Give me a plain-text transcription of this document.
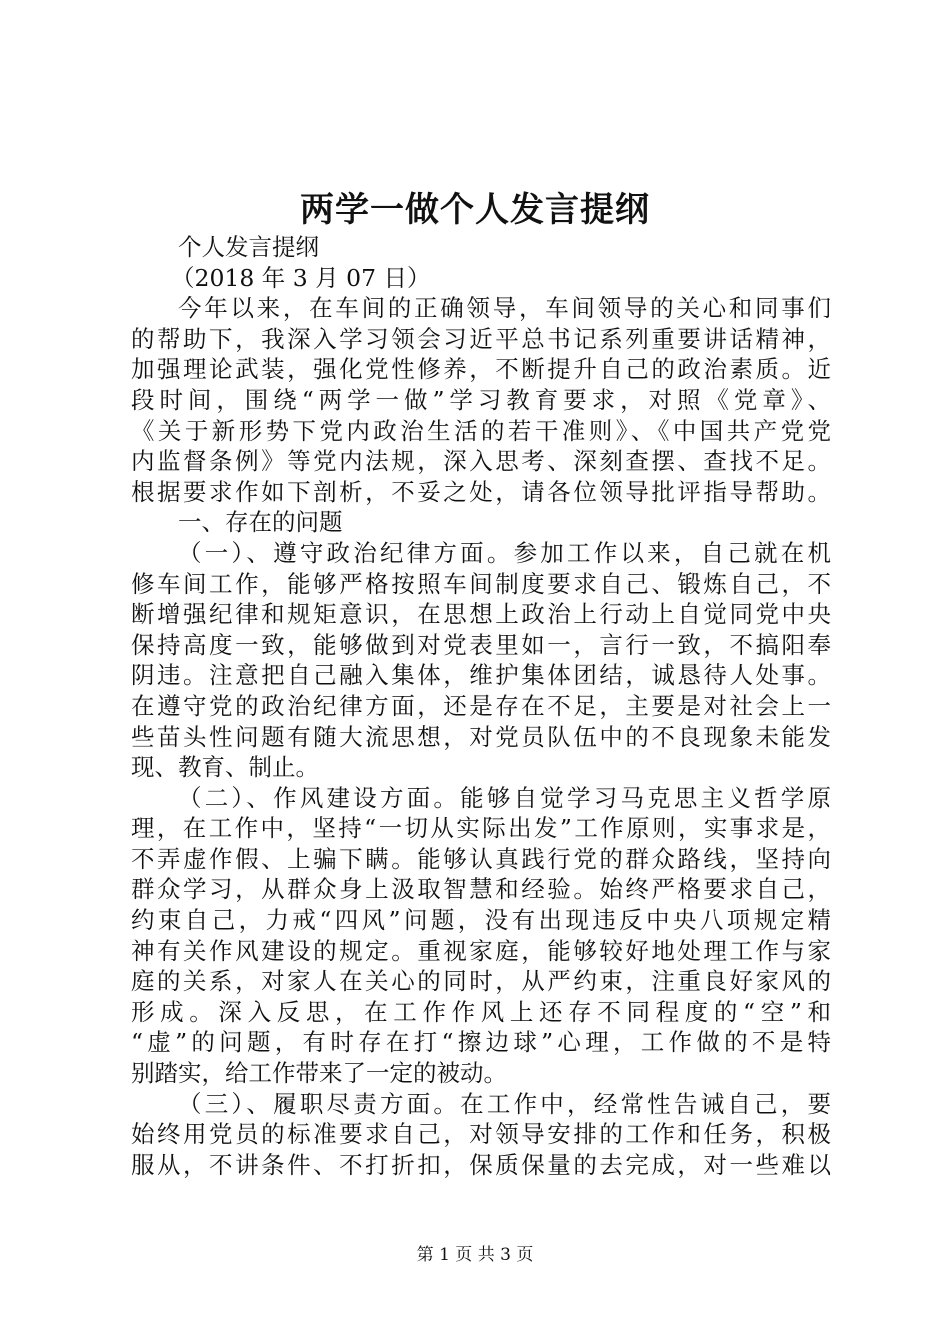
两学一做个人发言提纲
个人发言提纲
（2018 年 3 月 07 日）
今年以来，在车间的正确领导，车间领导的关心和同事们
的帮助下，我深入学习领会习近平总书记系列重要讲话精神，
加强理论武装，强化党性修养，不断提升自己的政治素质。近
段时间，围绕“两学一做”学习教育要求，对照《党章》、
《关于新形势下党内政治生活的若干准则》、《中国共产党党
内监督条例》等党内法规，深入思考、深刻查摆、查找不足。
根据要求作如下剖析，不妥之处，请各位领导批评指导帮助。
一、存在的问题
（一）、遵守政治纪律方面。参加工作以来，自己就在机
修车间工作，能够严格按照车间制度要求自己、锻炼自己，不
断增强纪律和规矩意识，在思想上政治上行动上自觉同党中央
保持高度一致，能够做到对党表里如一，言行一致，不搞阳奉
阴违。注意把自己融入集体，维护集体团结，诚恳待人处事。
在遵守党的政治纪律方面，还是存在不足，主要是对社会上一
些苗头性问题有随大流思想，对党员队伍中的不良现象未能发
现、教育、制止。
（二）、作风建设方面。能够自觉学习马克思主义哲学原
理，在工作中，坚持“一切从实际出发”工作原则，实事求是，
不弄虚作假、上骗下瞒。能够认真践行党的群众路线，坚持向
群众学习，从群众身上汲取智慧和经验。始终严格要求自己，
约束自己，力戒“四风”问题，没有出现违反中央八项规定精
神有关作风建设的规定。重视家庭，能够较好地处理工作与家
庭的关系，对家人在关心的同时，从严约束，注重良好家风的
形成。深入反思，在工作作风上还存不同程度的“空”和
“虚”的问题，有时存在打“擦边球”心理，工作做的不是特
别踏实，给工作带来了一定的被动。
（三）、履职尽责方面。在工作中，经常性告诫自己，要
始终用党员的标准要求自己，对领导安排的工作和任务，积极
服从，不讲条件、不打折扣，保质保量的去完成，对一些难以
第 1 页 共 3 页
